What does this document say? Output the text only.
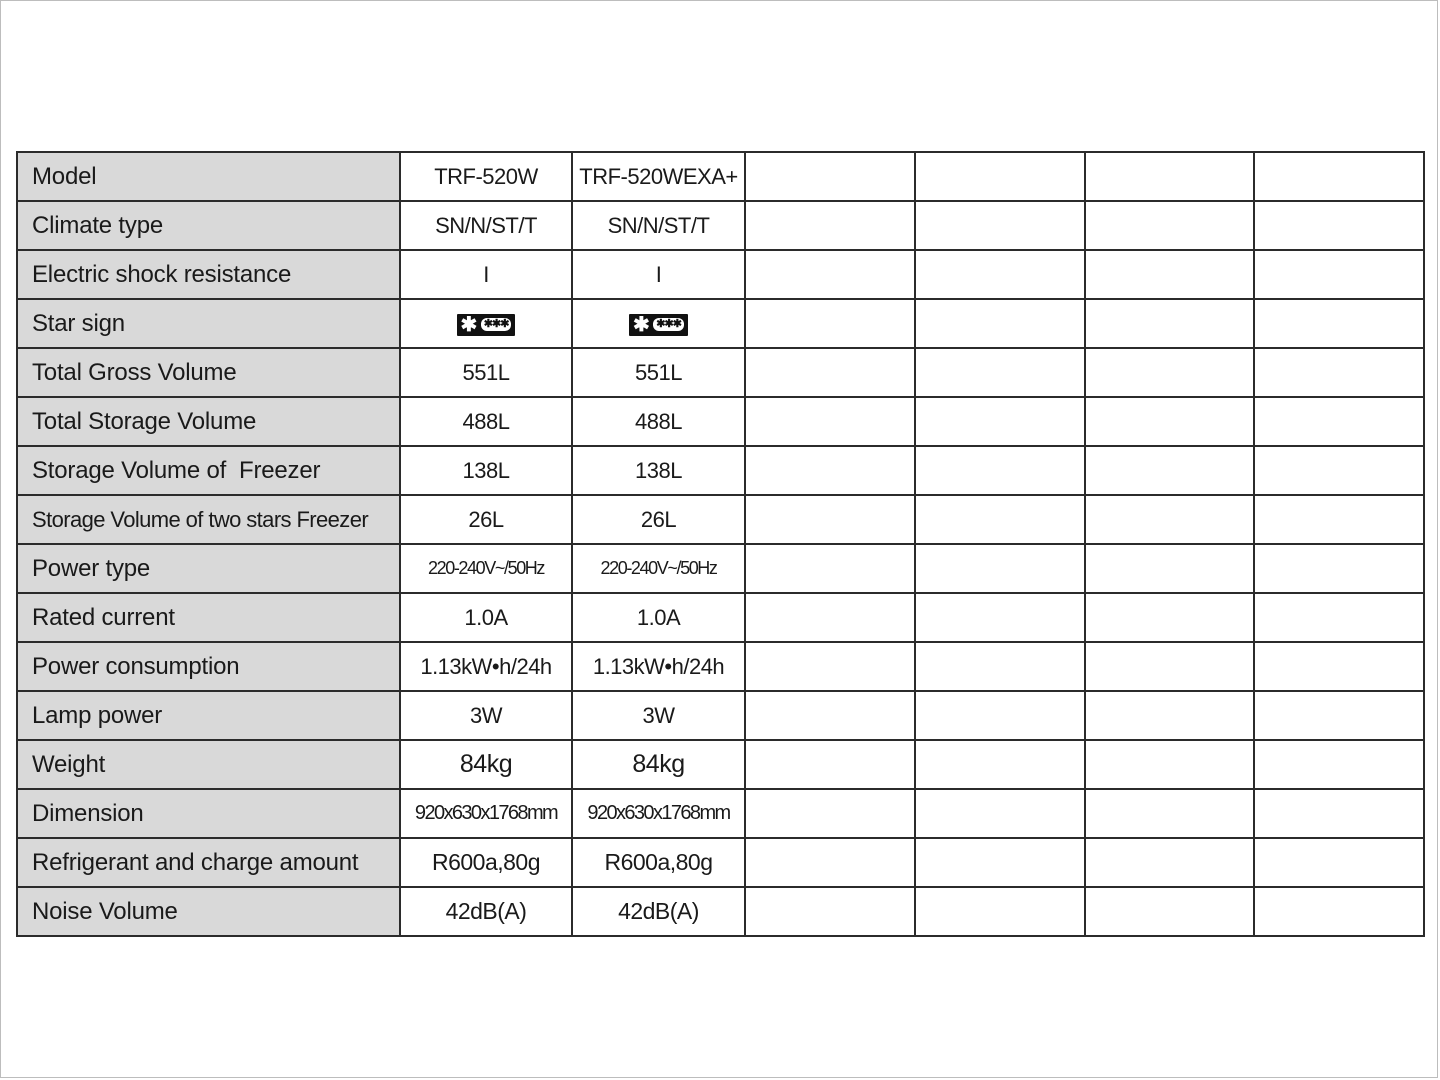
Model	TRF-520W	TRF-520WEXA+				
Climate type	SN/N/ST/T	SN/N/ST/T				
Electric shock resistance	I	I				
Star sign	✱ ✱✱✱	✱ ✱✱✱				

Total Gross Volume	551L	551L				
Total Storage Volume	488L	488L				
Storage Volume of  Freezer	138L	138L				
Storage Volume of two stars Freezer	26L	26L				
Power type	220-240V~/50Hz	220-240V~/50Hz				
Rated current	1.0A	1.0A				
Power consumption	1.13kW•h/24h	1.13kW•h/24h				
Lamp power	3W	3W				
Weight	84kg	84kg				
Dimension	920x630x1768mm	920x630x1768mm				
Refrigerant and charge amount	R600a,80g	R600a,80g				
Noise Volume	42dB(A)	42dB(A)				
